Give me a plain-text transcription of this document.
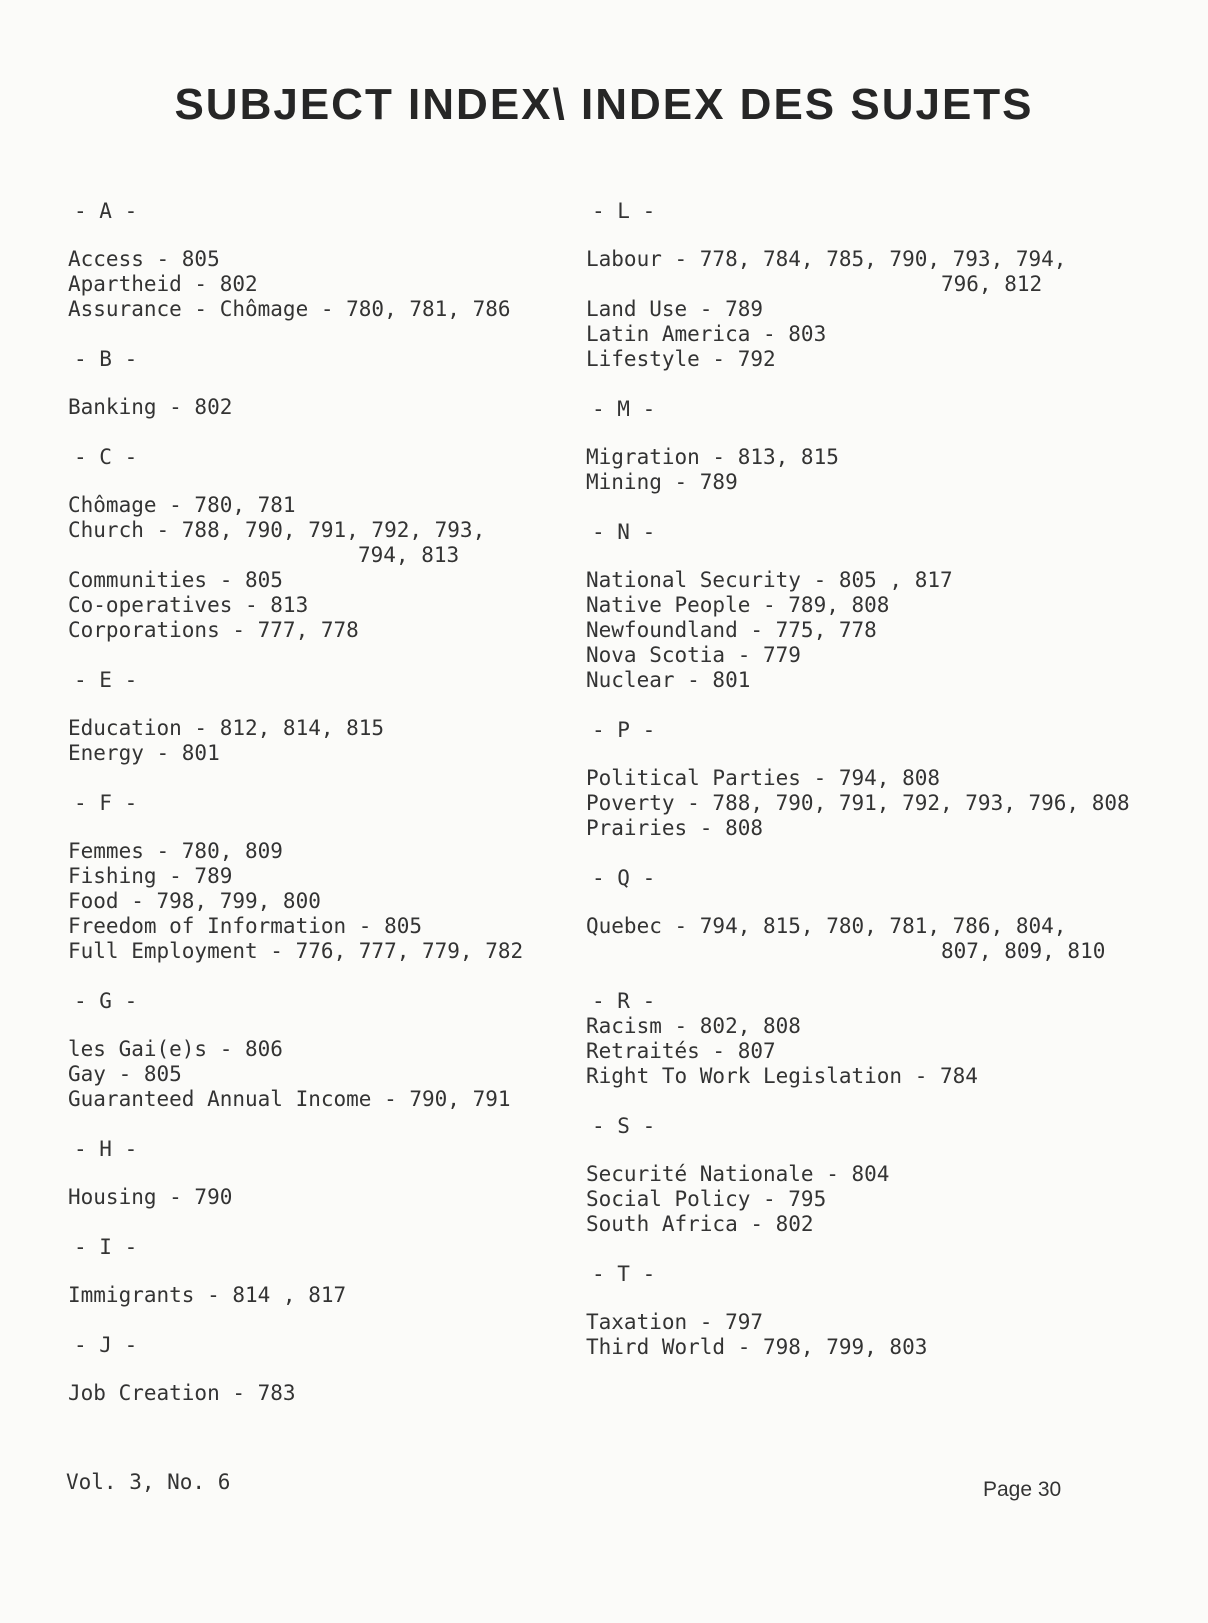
SUBJECT INDEX\ INDEX DES SUJETS
- A -
Access - 805
Apartheid - 802
Assurance - Chômage - 780, 781, 786
- B -
Banking - 802
- C -
Chômage - 780, 781
Church - 788, 790, 791, 792, 793,
794, 813
Communities - 805
Co-operatives - 813
Corporations - 777, 778
- E -
Education - 812, 814, 815
Energy - 801
- F -
Femmes - 780, 809
Fishing - 789
Food - 798, 799, 800
Freedom of Information - 805
Full Employment - 776, 777, 779, 782
- G -
les Gai(e)s - 806
Gay - 805
Guaranteed Annual Income - 790, 791
- H -
Housing - 790
- I -
Immigrants - 814 , 817
- J -
Job Creation - 783
- L -
Labour - 778, 784, 785, 790, 793, 794,
796, 812
Land Use - 789
Latin America - 803
Lifestyle - 792
- M -
Migration - 813, 815
Mining - 789
- N -
National Security - 805 , 817
Native People - 789, 808
Newfoundland - 775, 778
Nova Scotia - 779
Nuclear - 801
- P -
Political Parties - 794, 808
Poverty - 788, 790, 791, 792, 793, 796, 808
Prairies - 808
- Q -
Quebec - 794, 815, 780, 781, 786, 804,
807, 809, 810
- R -
Racism - 802, 808
Retraités - 807
Right To Work Legislation - 784
- S -
Securité Nationale - 804
Social Policy - 795
South Africa - 802
- T -
Taxation - 797
Third World - 798, 799, 803
Vol. 3, No. 6	Page 30
